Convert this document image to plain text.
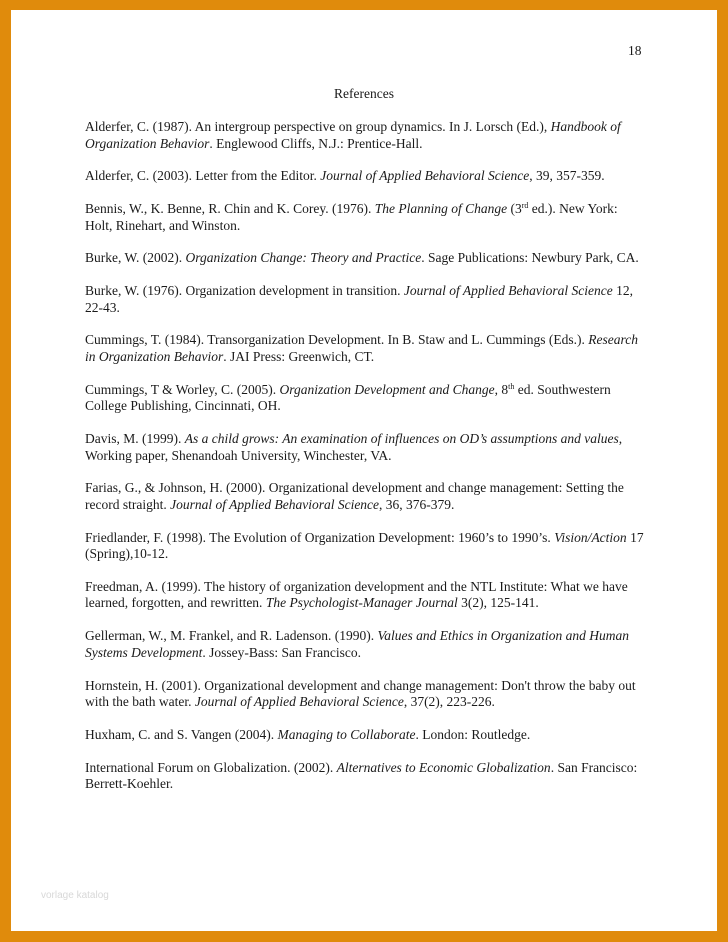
18
References
Alderfer, C. (1987). An intergroup perspective on group dynamics. In J. Lorsch (Ed.), Handbook of Organization Behavior. Englewood Cliffs, N.J.: Prentice-Hall.
Alderfer, C. (2003). Letter from the Editor. Journal of Applied Behavioral Science, 39, 357-359.
Bennis, W., K. Benne, R. Chin and K. Corey. (1976). The Planning of Change (3rd ed.). New York: Holt, Rinehart, and Winston.
Burke, W. (2002). Organization Change: Theory and Practice. Sage Publications: Newbury Park, CA.
Burke, W. (1976). Organization development in transition. Journal of Applied Behavioral Science 12, 22-43.
Cummings, T. (1984). Transorganization Development. In B. Staw and L. Cummings (Eds.). Research in Organization Behavior. JAI Press: Greenwich, CT.
Cummings, T & Worley, C. (2005). Organization Development and Change, 8th ed. Southwestern College Publishing, Cincinnati, OH.
Davis, M. (1999). As a child grows: An examination of influences on OD’s assumptions and values, Working paper, Shenandoah University, Winchester, VA.
Farias, G., & Johnson, H. (2000). Organizational development and change management: Setting the record straight. Journal of Applied Behavioral Science, 36, 376-379.
Friedlander, F. (1998). The Evolution of Organization Development: 1960’s to 1990’s. Vision/Action 17 (Spring),10-12.
Freedman, A. (1999). The history of organization development and the NTL Institute: What we have learned, forgotten, and rewritten. The Psychologist-Manager Journal 3(2), 125-141.
Gellerman, W., M. Frankel, and R. Ladenson. (1990). Values and Ethics in Organization and Human Systems Development. Jossey-Bass: San Francisco.
Hornstein, H. (2001). Organizational development and change management: Don't throw the baby out with the bath water. Journal of Applied Behavioral Science, 37(2), 223-226.
Huxham, C. and S. Vangen (2004). Managing to Collaborate. London: Routledge.
International Forum on Globalization. (2002). Alternatives to Economic Globalization. San Francisco: Berrett-Koehler.
vorlage katalog
